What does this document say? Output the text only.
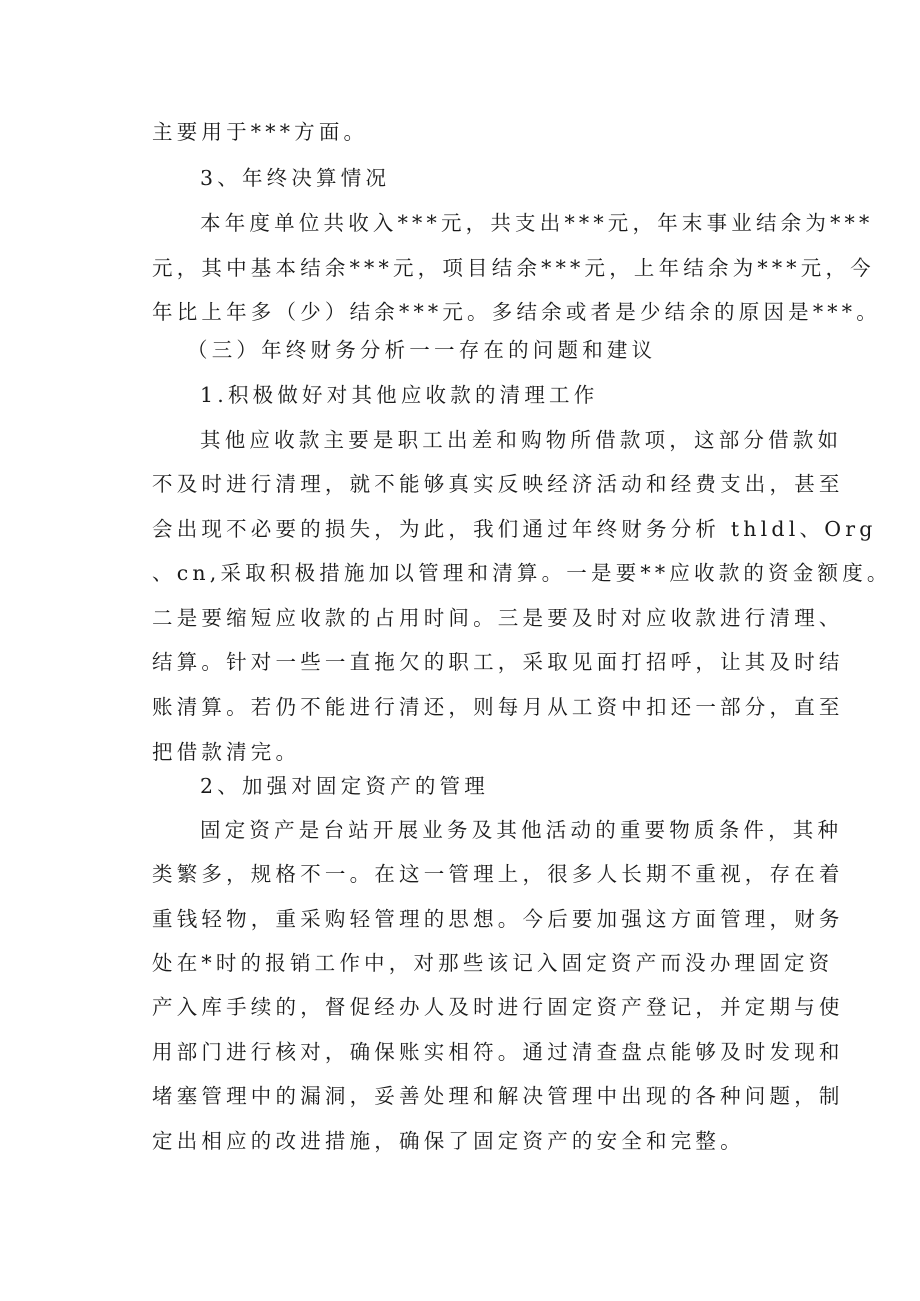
主要用于***方面。
3、年终决算情况
本年度单位共收入***元，共支出***元，年末事业结余为***
元，其中基本结余***元，项目结余***元，上年结余为***元，今
年比上年多（少）结余***元。多结余或者是少结余的原因是***。
（三）年终财务分析一一存在的问题和建议
1.积极做好对其他应收款的清理工作
其他应收款主要是职工出差和购物所借款项，这部分借款如
不及时进行清理，就不能够真实反映经济活动和经费支出，甚至
会出现不必要的损失，为此，我们通过年终财务分析 thldl、Org
、cn,采取积极措施加以管理和清算。一是要**应收款的资金额度。
二是要缩短应收款的占用时间。三是要及时对应收款进行清理、
结算。针对一些一直拖欠的职工，采取见面打招呼，让其及时结
账清算。若仍不能进行清还，则每月从工资中扣还一部分，直至
把借款清完。
2、加强对固定资产的管理
固定资产是台站开展业务及其他活动的重要物质条件，其种
类繁多，规格不一。在这一管理上，很多人长期不重视，存在着
重钱轻物，重采购轻管理的思想。今后要加强这方面管理，财务
处在*时的报销工作中，对那些该记入固定资产而没办理固定资
产入库手续的，督促经办人及时进行固定资产登记，并定期与使
用部门进行核对，确保账实相符。通过清查盘点能够及时发现和
堵塞管理中的漏洞，妥善处理和解决管理中出现的各种问题，制
定出相应的改进措施，确保了固定资产的安全和完整。
